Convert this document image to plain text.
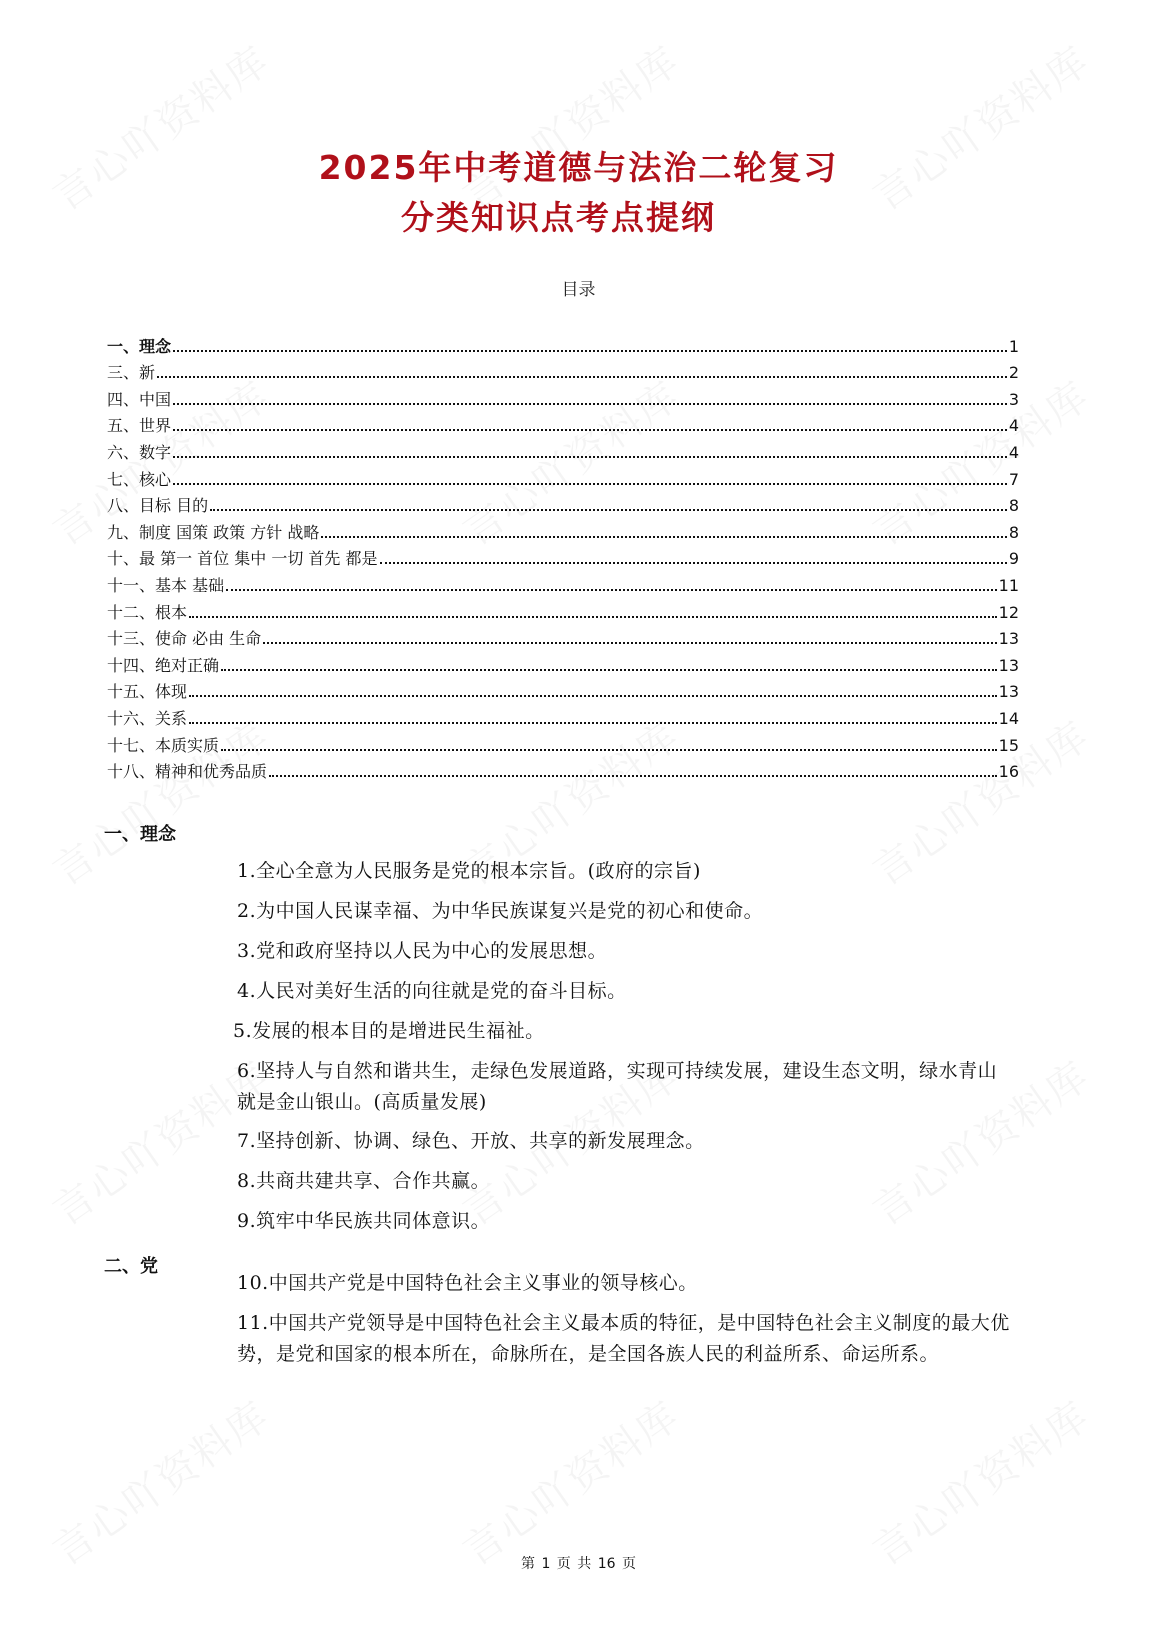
2025年中考道德与法治二轮复习
分类知识点考点提纲
目录
一、理念	1
三、新	2
四、中国	3
五、世界	4
六、数字	4
七、核心	7
八、目标 目的	8
九、制度 国策 政策 方针 战略	8
十、最 第一 首位 集中 一切 首先 都是	9
十一、基本 基础	11
十二、根本	12
十三、使命 必由 生命	13
十四、绝对正确	13
十五、体现	13
十六、关系	14
十七、本质实质	15
十八、精神和优秀品质	16
一、理念
1.全心全意为人民服务是党的根本宗旨。(政府的宗旨)
2.为中国人民谋幸福、为中华民族谋复兴是党的初心和使命。
3.党和政府坚持以人民为中心的发展思想。
4.人民对美好生活的向往就是党的奋斗目标。
5.发展的根本目的是增进民生福祉。
6.坚持人与自然和谐共生，走绿色发展道路，实现可持续发展，建设生态文明，绿水青山就是金山银山。(高质量发展)
7.坚持创新、协调、绿色、开放、共享的新发展理念。
8.共商共建共享、合作共赢。
9.筑牢中华民族共同体意识。
二、党
10.中国共产党是中国特色社会主义事业的领导核心。
11.中国共产党领导是中国特色社会主义最本质的特征，是中国特色社会主义制度的最大优势，是党和国家的根本所在，命脉所在，是全国各族人民的利益所系、命运所系。
第 1 页 共 16 页
